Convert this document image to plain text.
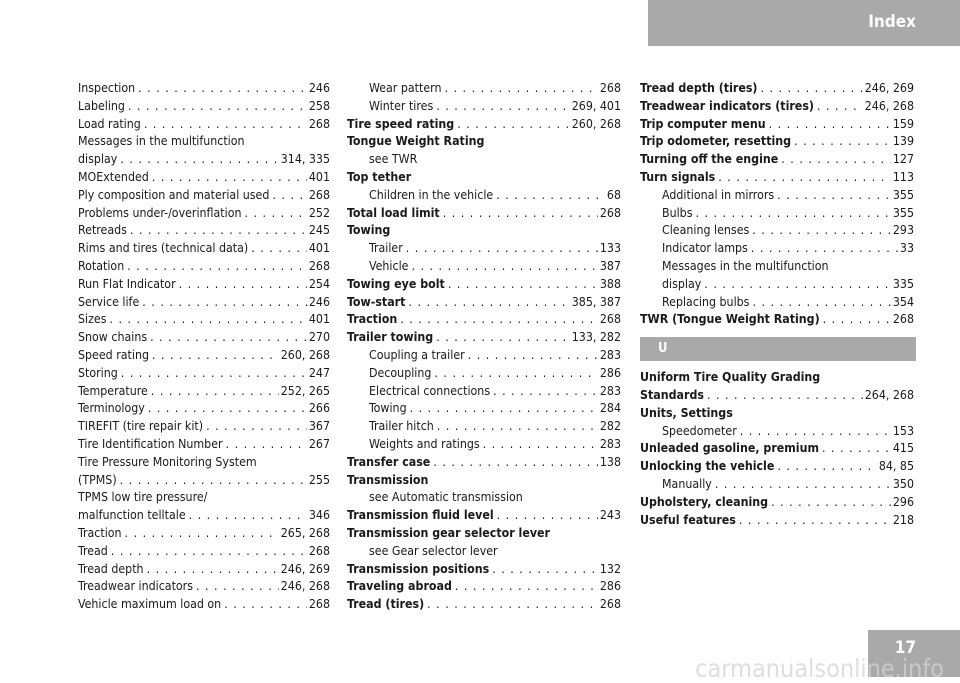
Index
Inspection . . .	246
Labeling . . .	258
Load rating . . .	268
Messages in the multifunction
display . . .	314, 335
MOExtended . . .	401
Ply composition and material used . . .	268
Problems under-/overinflation . . .	252
Retreads . . .	245
Rims and tires (technical data) . . .	401
Rotation . . .	268
Run Flat Indicator . . .	254
Service life . . .	246
Sizes . . .	401
Snow chains . . .	270
Speed rating . . .	260, 268
Storing . . .	247
Temperature . . .	252, 265
Terminology . . .	266
TIREFIT (tire repair kit) . . .	367
Tire Identification Number . . .	267
Tire Pressure Monitoring System
(TPMS) . . .	255
TPMS low tire pressure/
malfunction telltale . . .	346
Traction . . .	265, 268
Tread . . .	268
Tread depth . . .	246, 269
Treadwear indicators . . .	246, 268
Vehicle maximum load on . . .	268
Wear pattern . . .	268
Winter tires . . .	269, 401
Tire speed rating . . .	260, 268
Tongue Weight Rating
see TWR
Top tether
Children in the vehicle . . .	68
Total load limit . . .	268
Towing
Trailer . . .	133
Vehicle . . .	387
Towing eye bolt . . .	388
Tow-start . . .	385, 387
Traction . . .	268
Trailer towing . . .	133, 282
Coupling a trailer . . .	283
Decoupling . . .	286
Electrical connections . . .	283
Towing . . .	284
Trailer hitch . . .	282
Weights and ratings . . .	283
Transfer case . . .	138
Transmission
see Automatic transmission
Transmission fluid level . . .	243
Transmission gear selector lever
see Gear selector lever
Transmission positions . . .	132
Traveling abroad . . .	286
Tread (tires) . . .	268
Tread depth (tires) . . .	246, 269
Treadwear indicators (tires) . . .	246, 268
Trip computer menu . . .	159
Trip odometer, resetting . . .	139
Turning off the engine . . .	127
Turn signals . . .	113
Additional in mirrors . . .	355
Bulbs . . .	355
Cleaning lenses . . .	293
Indicator lamps . . .	33
Messages in the multifunction
display . . .	335
Replacing bulbs . . .	354
TWR (Tongue Weight Rating) . . .	268
U
Uniform Tire Quality Grading
Standards . . .	264, 268
Units, Settings
Speedometer . . .	153
Unleaded gasoline, premium . . .	415
Unlocking the vehicle . . .	84, 85
Manually . . .	350
Upholstery, cleaning . . .	296
Useful features . . .	218
17
carmanualsonline.info
